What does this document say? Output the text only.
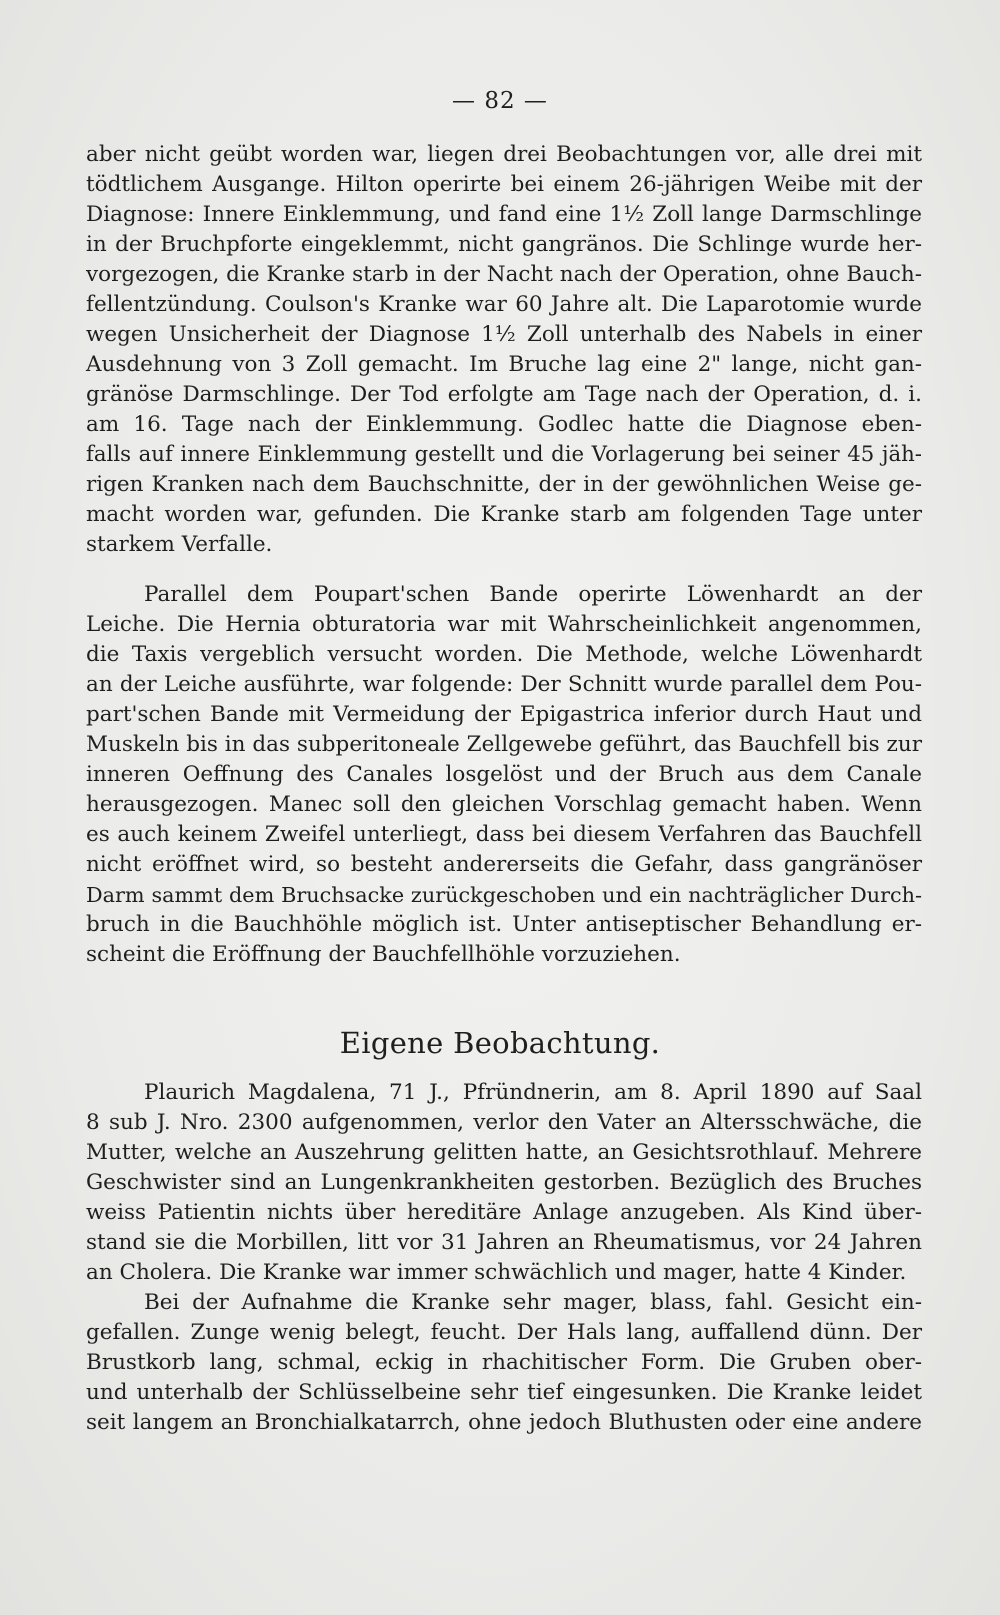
— 82 —
aber nicht geübt worden war, liegen drei Beobachtungen vor, alle drei mit
tödtlichem Ausgange. Hilton operirte bei einem 26-jährigen Weibe mit der
Diagnose: Innere Einklemmung, und fand eine 1½ Zoll lange Darmschlinge
in der Bruchpforte eingeklemmt, nicht gangränos. Die Schlinge wurde her-
vorgezogen, die Kranke starb in der Nacht nach der Operation, ohne Bauch-
fellentzündung. Coulson's Kranke war 60 Jahre alt. Die Laparotomie wurde
wegen Unsicherheit der Diagnose 1½ Zoll unterhalb des Nabels in einer
Ausdehnung von 3 Zoll gemacht. Im Bruche lag eine 2" lange, nicht gan-
gränöse Darmschlinge. Der Tod erfolgte am Tage nach der Operation, d. i.
am 16. Tage nach der Einklemmung. Godlec hatte die Diagnose eben-
falls auf innere Einklemmung gestellt und die Vorlagerung bei seiner 45 jäh-
rigen Kranken nach dem Bauchschnitte, der in der gewöhnlichen Weise ge-
macht worden war, gefunden. Die Kranke starb am folgenden Tage unter
starkem Verfalle.
Parallel dem Poupart'schen Bande operirte Löwenhardt an der
Leiche. Die Hernia obturatoria war mit Wahrscheinlichkeit angenommen,
die Taxis vergeblich versucht worden. Die Methode, welche Löwenhardt
an der Leiche ausführte, war folgende: Der Schnitt wurde parallel dem Pou-
part'schen Bande mit Vermeidung der Epigastrica inferior durch Haut und
Muskeln bis in das subperitoneale Zellgewebe geführt, das Bauchfell bis zur
inneren Oeffnung des Canales losgelöst und der Bruch aus dem Canale
herausgezogen. Manec soll den gleichen Vorschlag gemacht haben. Wenn
es auch keinem Zweifel unterliegt, dass bei diesem Verfahren das Bauchfell
nicht eröffnet wird, so besteht andererseits die Gefahr, dass gangränöser
Darm sammt dem Bruchsacke zurückgeschoben und ein nachträglicher Durch-
bruch in die Bauchhöhle möglich ist. Unter antiseptischer Behandlung er-
scheint die Eröffnung der Bauchfellhöhle vorzuziehen.
Eigene Beobachtung.
Plaurich Magdalena, 71 J., Pfründnerin, am 8. April 1890 auf Saal
8 sub J. Nro. 2300 aufgenommen, verlor den Vater an Altersschwäche, die
Mutter, welche an Auszehrung gelitten hatte, an Gesichtsrothlauf. Mehrere
Geschwister sind an Lungenkrankheiten gestorben. Bezüglich des Bruches
weiss Patientin nichts über hereditäre Anlage anzugeben. Als Kind über-
stand sie die Morbillen, litt vor 31 Jahren an Rheumatismus, vor 24 Jahren
an Cholera. Die Kranke war immer schwächlich und mager, hatte 4 Kinder.
Bei der Aufnahme die Kranke sehr mager, blass, fahl. Gesicht ein-
gefallen. Zunge wenig belegt, feucht. Der Hals lang, auffallend dünn. Der
Brustkorb lang, schmal, eckig in rhachitischer Form. Die Gruben ober-
und unterhalb der Schlüsselbeine sehr tief eingesunken. Die Kranke leidet
seit langem an Bronchialkatarrch, ohne jedoch Bluthusten oder eine andere
